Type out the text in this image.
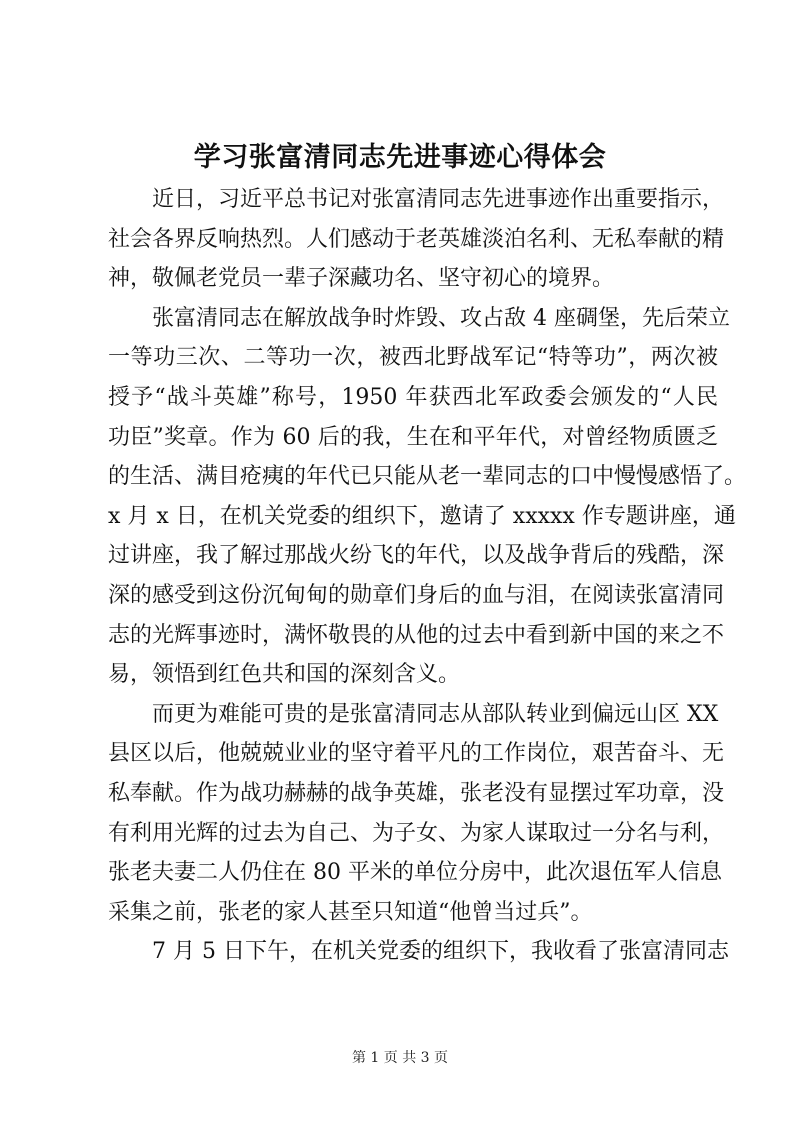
学习张富清同志先进事迹心得体会
近日，习近平总书记对张富清同志先进事迹作出重要指示，
社会各界反响热烈。人们感动于老英雄淡泊名利、无私奉献的精
神，敬佩老党员一辈子深藏功名、坚守初心的境界。
张富清同志在解放战争时炸毁、攻占敌 4 座碉堡，先后荣立
一等功三次、二等功一次，被西北野战军记“特等功”，两次被
授予“战斗英雄”称号，1950 年获西北军政委会颁发的“人民
功臣”奖章。作为 60 后的我，生在和平年代，对曾经物质匮乏
的生活、满目疮痍的年代已只能从老一辈同志的口中慢慢感悟了。
x 月 x 日，在机关党委的组织下，邀请了 xxxxx 作专题讲座，通
过讲座，我了解过那战火纷飞的年代，以及战争背后的残酷，深
深的感受到这份沉甸甸的勋章们身后的血与泪，在阅读张富清同
志的光辉事迹时，满怀敬畏的从他的过去中看到新中国的来之不
易，领悟到红色共和国的深刻含义。
而更为难能可贵的是张富清同志从部队转业到偏远山区 XX
县区以后，他兢兢业业的坚守着平凡的工作岗位，艰苦奋斗、无
私奉献。作为战功赫赫的战争英雄，张老没有显摆过军功章，没
有利用光辉的过去为自己、为子女、为家人谋取过一分名与利，
张老夫妻二人仍住在 80 平米的单位分房中，此次退伍军人信息
采集之前，张老的家人甚至只知道“他曾当过兵”。
7 月 5 日下午，在机关党委的组织下，我收看了张富清同志
第 1 页 共 3 页
